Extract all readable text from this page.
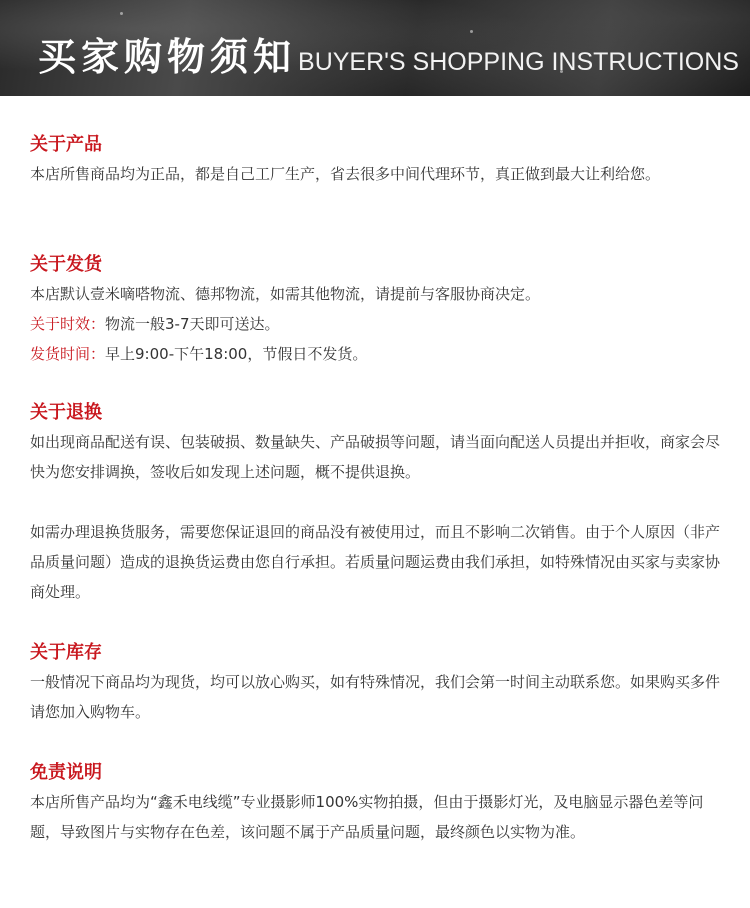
买家购物须知 BUYER'S SHOPPING INSTRUCTIONS
关于产品
本店所售商品均为正品，都是自己工厂生产，省去很多中间代理环节，真正做到最大让利给您。
关于发货
本店默认壹米嘀嗒物流、德邦物流，如需其他物流，请提前与客服协商决定。
关于时效：物流一般3-7天即可送达。
发货时间：早上9:00-下午18:00，节假日不发货。
关于退换
如出现商品配送有误、包装破损、数量缺失、产品破损等问题，请当面向配送人员提出并拒收，商家会尽快为您安排调换，签收后如发现上述问题，概不提供退换。
如需办理退换货服务，需要您保证退回的商品没有被使用过，而且不影响二次销售。由于个人原因（非产品质量问题）造成的退换货运费由您自行承担。若质量问题运费由我们承担，如特殊情况由买家与卖家协商处理。
关于库存
一般情况下商品均为现货，均可以放心购买，如有特殊情况，我们会第一时间主动联系您。如果购买多件请您加入购物车。
免责说明
本店所售产品均为“鑫禾电线缆”专业摄影师100%实物拍摄，但由于摄影灯光，及电脑显示器色差等问题，导致图片与实物存在色差，该问题不属于产品质量问题，最终颜色以实物为准。
